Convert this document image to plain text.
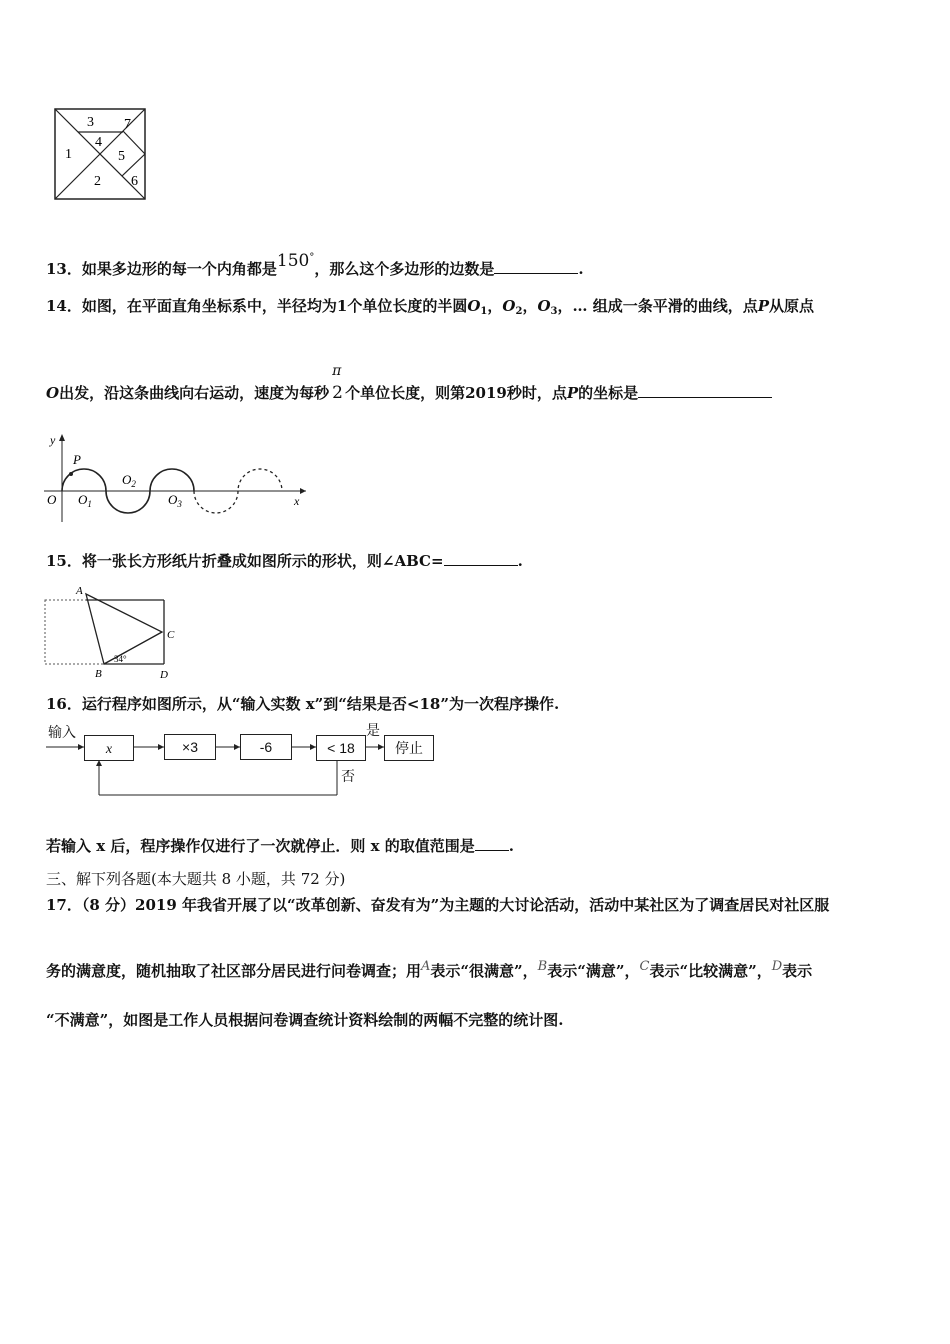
3 7
1
4
5
2 6
13．如果多边形的每一个内角都是150°，那么这个多边形的边数是	.
14．如图，在平面直角坐标系中，半径均为1个单位长度的半圆$O_1$，$O_2$，$O_3$，… 组成一条平滑的曲线，点P从原点
O出发，沿这条曲线向右运动，速度为每秒
π
2 个单位长度，则第2019秒时，点P的坐标是
y
x
O
P
$O_1$
$O_2$
$O_3$
15．将一张长方形纸片折叠成如图所示的形状，则∠ABC=	.
A
B
C
D
34°
16．运行程序如图所示，从“输入实数 x”到“结果是否<18”为一次程序操作.
输入
x	×3	-6	< 18
是
停止
否
若输入 x 后，程序操作仅进行了一次就停止．则 x 的取值范围是 .
三、解下列各题(本大题共 8 小题，共 72 分)
17．（8 分）2019 年我省开展了以“改革创新、奋发有为”为主题的大讨论活动，活动中某社区为了调查居民对社区服
务的满意度，随机抽取了社区部分居民进行问卷调查；用A表示“很满意”，B表示“满意”，C表示“比较满意”，D表示
“不满意”，如图是工作人员根据问卷调查统计资料绘制的两幅不完整的统计图.
